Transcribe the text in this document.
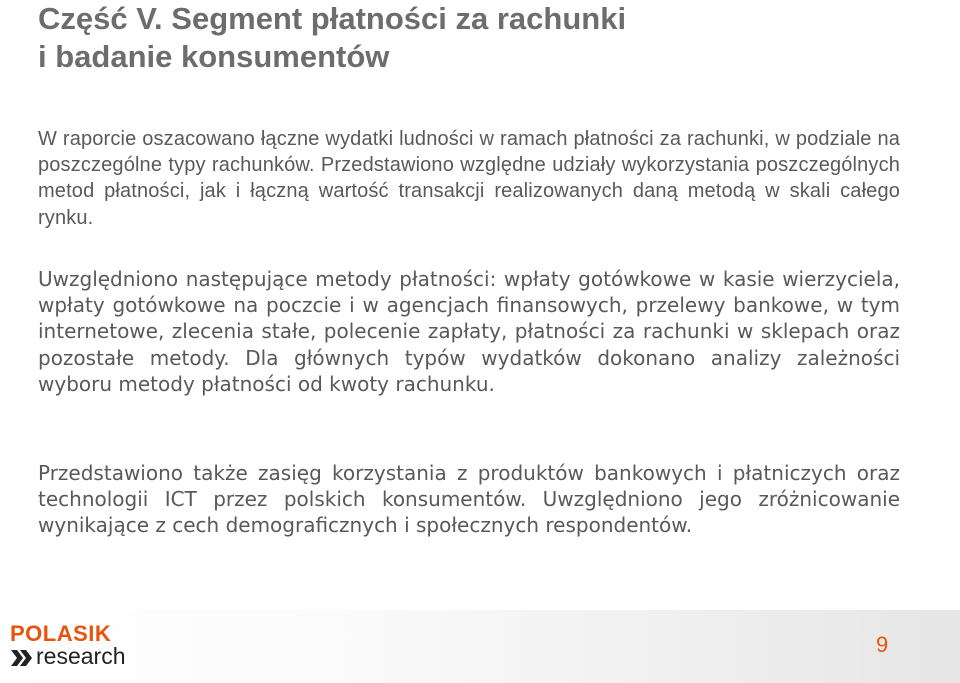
Część V. Segment płatności za rachunki
i badanie konsumentów

W raporcie oszacowano łączne wydatki ludności w ramach płatności za rachunki, w podziale na poszczególne typy rachunków. Przedstawiono względne udziały wykorzystania poszczególnych metod płatności, jak i łączną wartość transakcji realizowanych daną metodą w skali całego rynku.

Uwzględniono następujące metody płatności: wpłaty gotówkowe w kasie wierzyciela, wpłaty gotówkowe na poczcie i w agencjach finansowych, przelewy bankowe, w tym internetowe, zlecenia stałe, polecenie zapłaty, płatności za rachunki w sklepach oraz pozostałe metody. Dla głównych typów wydatków dokonano analizy zależności wyboru metody płatności od kwoty rachunku.

Przedstawiono także zasięg korzystania z produktów bankowych i płatniczych oraz technologii ICT przez polskich konsumentów. Uwzględniono jego zróżnicowanie wynikające z cech demograficznych i społecznych respondentów.

POLASIK
research	9
